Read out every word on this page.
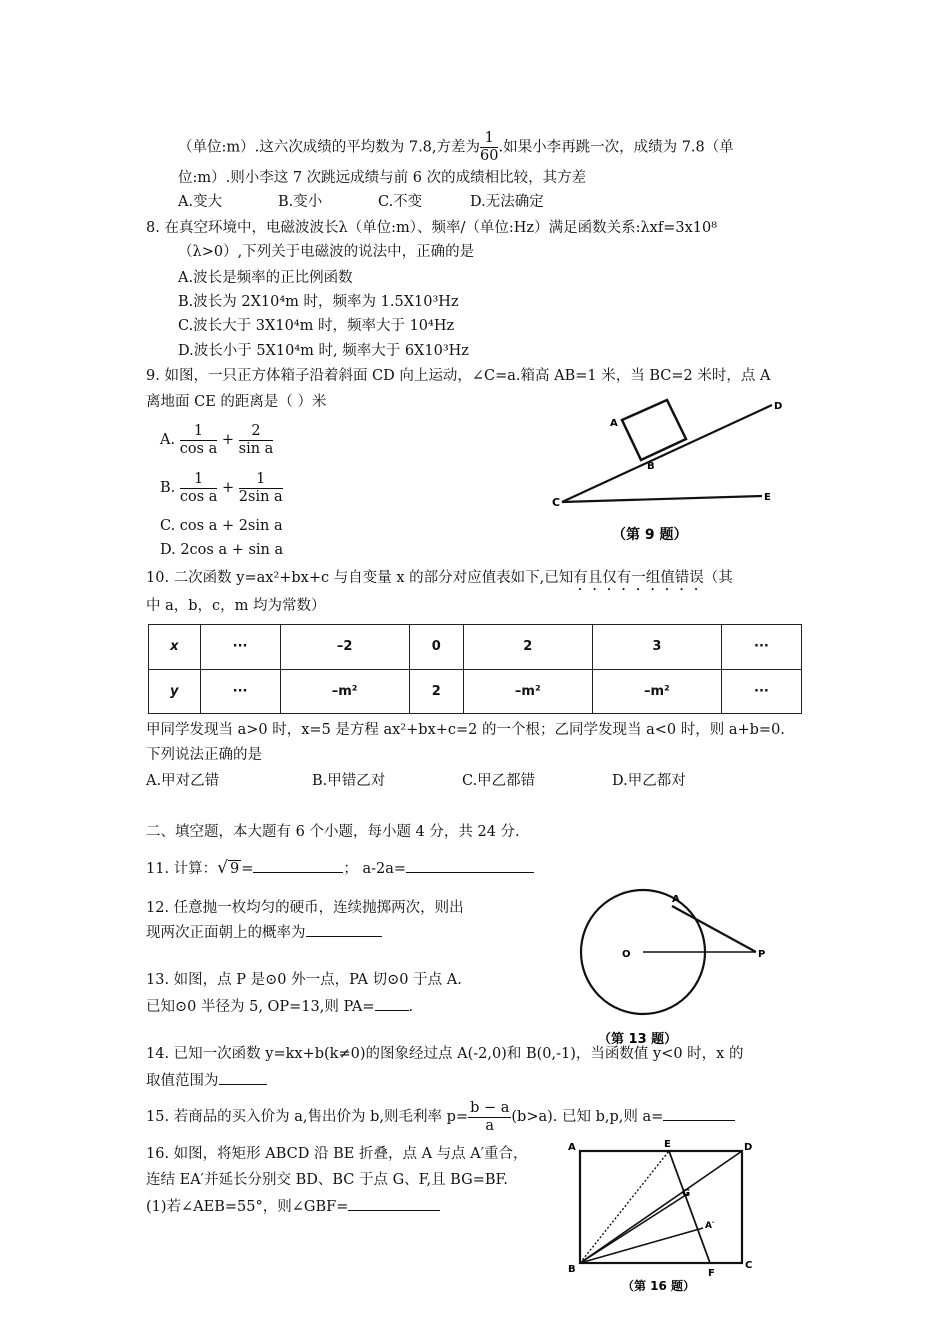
（单位:m）.这六次成绩的平均数为 7.8,方差为 $\frac{1}{60}$ .如果小李再跳一次，成绩为 7.8（单
位:m）.则小李这 7 次跳远成绩与前 6 次的成绩相比较，其方差
A.变大	B.变小	C.不变	D.无法确定
8. 在真空环境中，电磁波波长λ（单位:m）、频率/（单位:Hz）满足函数关系:λxf=3x10⁸
（λ>0）,下列关于电磁波的说法中，正确的是
A.波长是频率的正比例函数
B.波长为 2X10⁴m 时，频率为 1.5X10³Hz
C.波长大于 3X10⁴m 时，频率大于 10⁴Hz
D.波长小于 5X10⁴m 时, 频率大于 6X10³Hz
9. 如图，一只正方体箱子沿着斜面 CD 向上运动，∠C=a.箱高 AB=1 米，当 BC=2 米时，点 A
离地面 CE 的距离是（ ）米
A. $\frac{1}{\text{cos a}} + \frac{2}{\text{sin a}}$
B. $\frac{1}{\text{cos a}} + \frac{1}{\text{2sin a}}$
C. cos a + 2sin a
D. 2cos a + sin a
A
B
C
D
E
（第 9 题）
10. 二次函数 y=ax²+bx+c 与自变量 x 的部分对应值表如下,已知有且仅有一组值错误（其
中 a，b，c，m 均为常数）
x	···	–2	0	2	3	···
y	···	–m²	2	–m²	–m²	···
甲同学发现当 a>0 时，x=5 是方程 ax²+bx+c=2 的一个根；乙同学发现当 a<0 时，则 a+b=0.
下列说法正确的是
A.甲对乙错	B.甲错乙对	C.甲乙都错	D.甲乙都对
二、填空题，本大题有 6 个小题，每小题 4 分，共 24 分.
11. 计算：√ 9 =	； a-2a=
12. 任意抛一枚均匀的硬币，连续抛掷两次，则出
现两次正面朝上的概率为
13. 如图，点 P 是⊙0 外一点，PA 切⊙0 于点 A.
已知⊙0 半径为 5, OP=13,则 PA= .
A
O	P
（第 13 题）
14. 已知一次函数 y=kx+b(k≠0)的图象经过点 A(-2,0)和 B(0,-1)，当函数值 y<0 时，x 的
取值范围为
15. 若商品的买入价为 a,售出价为 b,则毛利率 $p= \frac{b - a}{a} (b>a)$. 已知 b,p,则 a=
16. 如图，将矩形 ABCD 沿 BE 折叠，点 A 与点 A′重合，
连结 EA′并延长分别交 BD、BC 于点 G、F,且 BG=BF.
(1)若∠AEB=55°，则∠GBF=
A	E	D
G
A′
B	F
C
（第 16 题）
